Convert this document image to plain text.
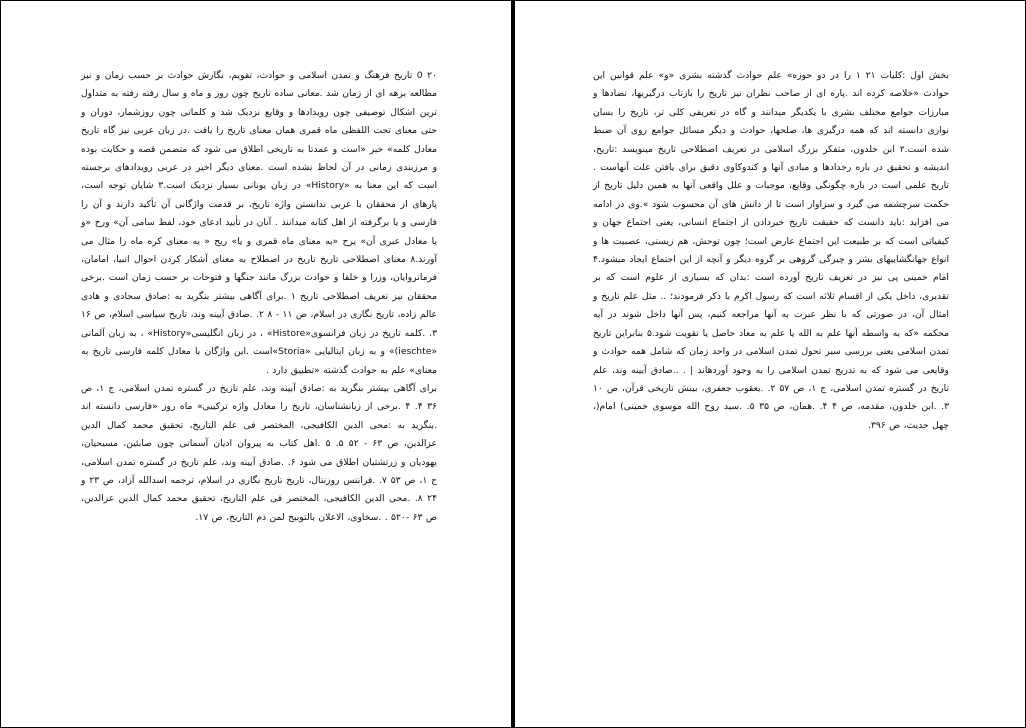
۲۰ 0 تاریخ فرهنگ و تمدن اسلامی و حوادث، تقویم، نگارش حوادث بر حسب زمان و نیز مطالعه برهه ای از زمان شد .معانی ساده تاریخ چون روز و ماه و سال رفته رفته به متداول ترین اشکال توصیفی چون رویدادها و وقایع نزدیک شد و کلماتی چون روزشمار، دوران و حتی معنای تحت اللفظی ماه قمری همان معنای تاریخ را یافت .در زبان عربی نیز گاه تاریخ معادل کلمه» خبر «است و عمدتا به تاریخی اطلاق می شود که متضمن قصه و حکایت بوده و مرزبندی زمانی در آن لحاظ نشده است .معنای دیگر اخیر در عربی رویدادهای برجسته است که این معنا به «History» در زبان یونانی بسیار نزدیک است.۳ شایان توجه است، پارهای از محققان با عربی ندانستن واژه تاریخ، بر قدمت واژگانی آن تأکید دارند و آن را فارسی و یا برگرفته از اهل کتابه میدانند . آنان در تأیید ادعای خود، لفظ سامی آن» ورخ «و یا معادل عبری آن» یرح «به معنای ماه قمری و یا» ریح « به معنای کره ماه را مثال می آورند.۸ معنای اصطلاحی تاریخ تاریخ در اصطلاح به معنای آشکار کردن احوال انبیا، امامان، فرمانروایان، وزرا و خلفا و حوادث بزرگ مانند جنگها و فتوحات بر حسب زمان است .برخی محققان نیز تعریف اصطلاحی تاریخ ۱ .برای آگاهی بیشتر بنگرید به :صادق سجادی و هادی عالم زاده، تاریخ نگاری در اسلام، ص ۱۱ - ۸ ۲. .صادق آیینه وند، تاریخ سیاسی اسلام، ص ۱۶ ۳. .کلمه تاریخ در زبان فرانسوی«Histore» ، در زبان انگلیسی«History» ، به زبان آلمانی «ieschte)» و به زبان ایتالیایی «Storia»است .این واژگان با معادل کلمه فارسی تاریخ به معنای» علم به حوادث گذشته «تطبیق دارد .

برای آگاهی بیشتر بنگرید به :صادق آیینه وند، علم تاریخ در گستره تمدن اسلامی، ج ۱، ص ۳۶ ۴. ۴ .برخی از زبانشناسان، تاریخ را معادل واژه ترکیبی» ماه روز «فارسی دانسته اند .بنگرید به :محی الدین الکافیجی، المختصر فی علم التاریخ، تحقیق محمد کمال الدین عزالدین، ص ۶۳ - ۵۲ ۵. ۵ .اهل کتاب به پیروان ادیان آسمانی چون صابئین، مسیحیان، یهودیان و زرتشتیان اطلاق می شود ۶. .صادق آیینه وند، علم تاریخ در گستره تمدن اسلامی، ج ۱، ص ۵۳ ۷. .فرانتس روزنتال، تاریخ تاریخ نگاری در اسلام، ترجمه اسدالله آزاد، ص ۲۳ و ۲۴ ۸. .محی الدین الکافیجی، المختصر فی علم التاریخ، تحقیق محمد کمال الدین عزالدین، ص ۶۳ -۵۲۰ . .سخاوی، الاعلان بالتوبیخ لمن ذم التاریخ، ص ۱۷.

بخش اول :کلیات ۲۱ ۱ را در دو حوزه» علم حوادث گذشته بشری «و» علم قوانین این حوادث «خلاصه کرده اند .پاره ای از صاحب نظران نیز تاریخ را بازتاب درگیریها، تضادها و مبارزات جوامع مختلف بشری با یکدیگر میدانند و گاه در تعریفی کلی تر، تاریخ را بسان نواری دانسته اند که همه درگیری ها، صلحها، حوادث و دیگر مسائل جوامع روی آن ضبط شده است.۲ ابن خلدون، متفکر بزرگ اسلامی در تعریف اصطلاحی تاریخ مینویسد :تاریخ، اندیشه و تحقیق در باره رخدادها و مبادی آنها و کندوکاوی دقیق برای یافتن علت آنهاست . تاریخ علمی است در باره چگونگی وقایع، موجبات و علل واقعی آنها به همین دلیل تاریخ از حکمت سرچشمه می گیرد و سزاوار است تا از دانش های آن محسوب شود ».وی در ادامه می افزاید :باید دانست که حقیقت تاریخ خبردادن از اجتماع انسانی، یعنی اجتماع جهان و کیفیاتی است که بر طبیعت این اجتماع عارض است؛ چون توحش، هم زیستی، عصبیت ها و انواع جهانگشاییهای بشر و چیرگی گروهی بر گروه دیگر و آنچه از این اجتماع ایجاد میشود.۴ امام خمینی پی نیز در تعریف تاریخ آورده است :بدان که بسیاری از علوم است که بر تقدیری، داخل یکی از اقسام ثلاثه است که رسول اکرم با ذکر فرمودند؛ .. مثل علم تاریخ و امثال آن، در صورتی که با نظر عبرت به آنها مراجعه کنیم، پس آنها داخل شوند در آیه محکمه «که به واسطه آنها علم به الله یا علم به معاد حاصل یا تقویت شود.۵ بنابراین تاریخ تمدن اسلامی یعنی بررسی سیر تحول تمدن اسلامی در واحد زمان که شامل همه حوادث و وقایعی می شود که به تدریج تمدن اسلامی را به وجود آوردهاند | . ..صادق آیینه وند، علم تاریخ در گستره تمدن اسلامی، ج ۱، ص ۵۷ ۲. .یعقوب جعفری، بینش تاریخی قرآن، ص ۱۰ ۳. .ابن خلدون، مقدمه، ص ۴ ۴. .همان، ص ۳۵ ۵. .سید روح الله موسوی خمینی) امام(، چهل حدیث، ص ۳۹۶.
